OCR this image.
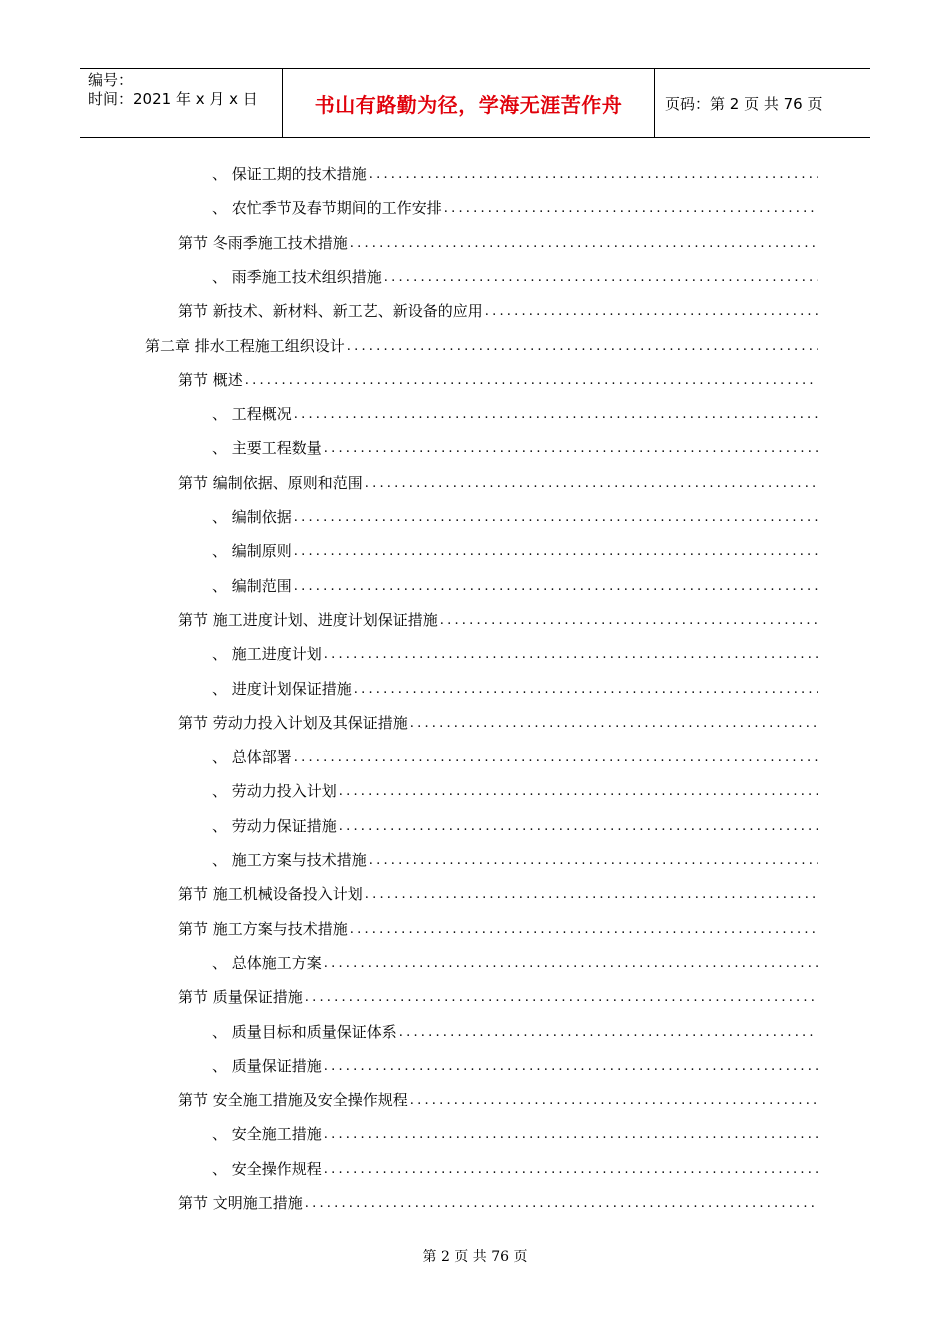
编号：
时间：2021 年 x 月 x 日	书山有路勤为径，学海无涯苦作舟	页码：第 2 页 共 76 页
、 保证工期的技术措施
.....
、 农忙季节及春节期间的工作安排
.....
第节 冬雨季施工技术措施
.....
、 雨季施工技术组织措施
.....
第节 新技术、新材料、新工艺、新设备的应用
.....
第二章 排水工程施工组织设计
.....
第节 概述
.....
、 工程概况
.....
、 主要工程数量
.....
第节 编制依据、原则和范围
.....
、 编制依据
.....
、 编制原则
.....
、 编制范围
.....
第节 施工进度计划、进度计划保证措施
.....
、 施工进度计划
.....
、 进度计划保证措施
.....
第节 劳动力投入计划及其保证措施
.....
、 总体部署
.....
、 劳动力投入计划
.....
、 劳动力保证措施
.....
、 施工方案与技术措施
.....
第节 施工机械设备投入计划
.....
第节 施工方案与技术措施
.....
、 总体施工方案
.....
第节 质量保证措施
.....
、 质量目标和质量保证体系
.....
、 质量保证措施
.....
第节 安全施工措施及安全操作规程
.....
、 安全施工措施
.....
、 安全操作规程
.....
第节 文明施工措施
.....
第 2 页 共 76 页
